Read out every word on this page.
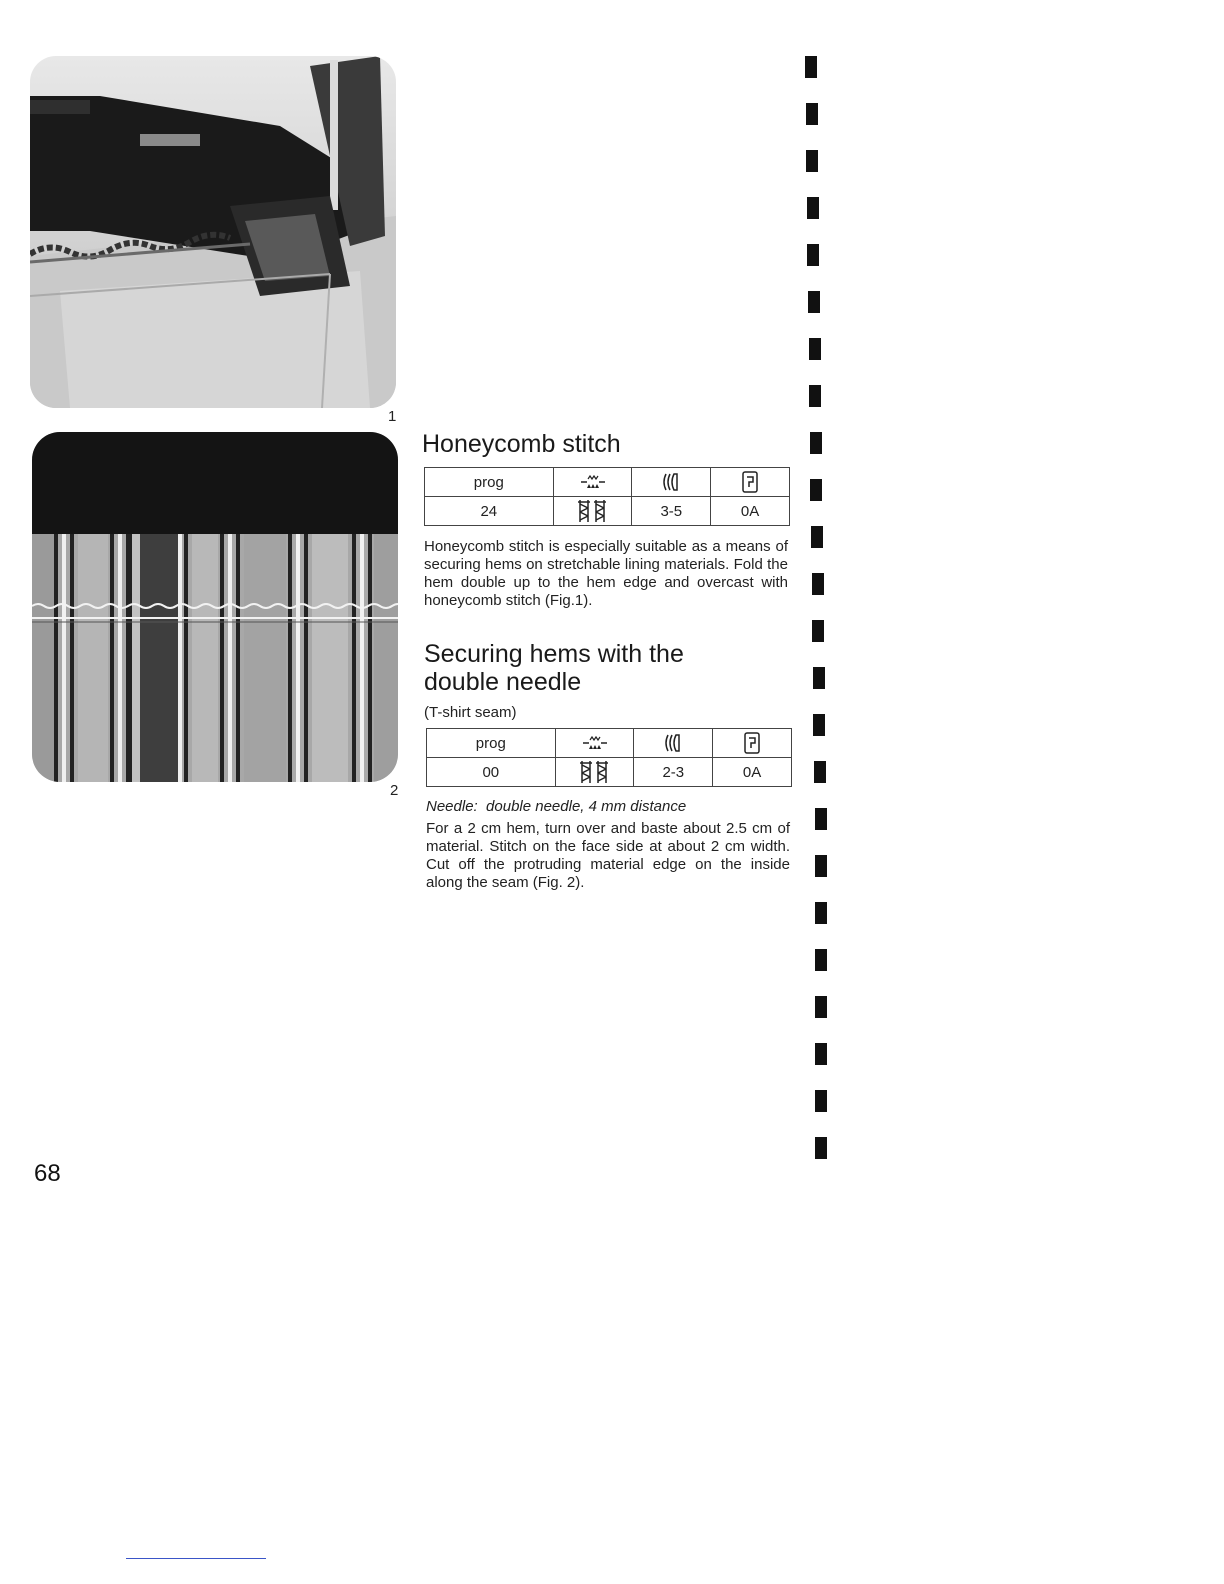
1
2
Honeycomb stitch
prog			
24		3-5	0A

Honeycomb stitch is especially suitable as a means of securing hems on stretchable lining materials. Fold the hem double up to the hem edge and overcast with honeycomb stitch (Fig.1).

Securing hems with the
double needle
(T-shirt seam)
prog			
00		2-3	0A
Needle:  double needle, 4 mm distance

For a 2 cm hem, turn over and baste about 2.5 cm of material. Stitch on the face side at about 2 cm width. Cut off the protruding material edge on the inside along the seam (Fig. 2).

68
